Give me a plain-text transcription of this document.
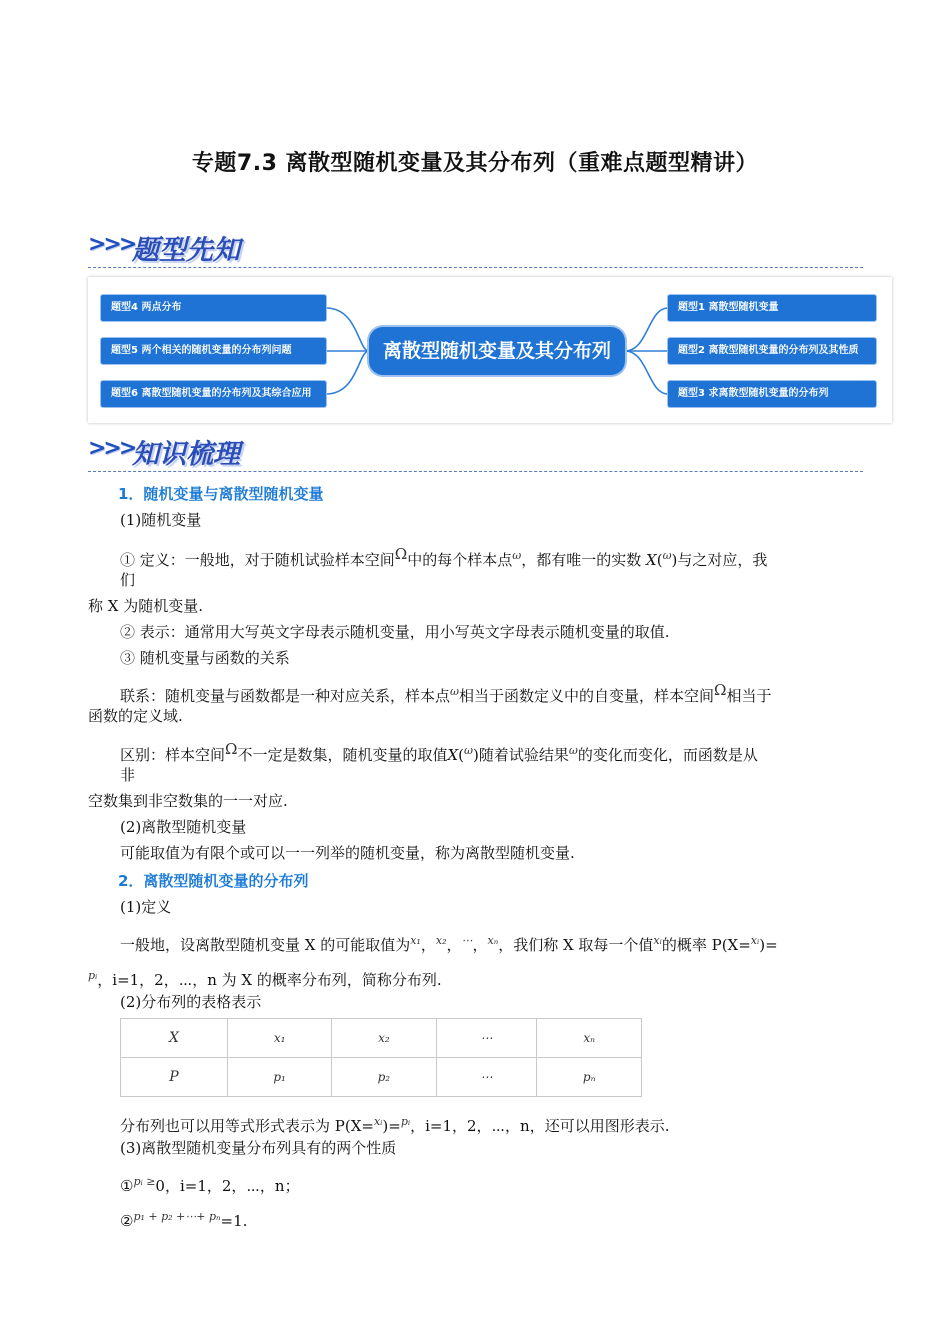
专题7.3 离散型随机变量及其分布列（重难点题型精讲）
>>>
题型先知
题型4 两点分布
题型5 两个相关的随机变量的分布列问题
题型6 离散型随机变量的分布列及其综合应用
离散型随机变量及其分布列
题型1 离散型随机变量
题型2 离散型随机变量的分布列及其性质
题型3 求离散型随机变量的分布列
>>>
知识梳理
1．随机变量与离散型随机变量
(1)随机变量
① 定义：一般地，对于随机试验样本空间Ω中的每个样本点$^\omega$，都有唯一的实数 X($^\omega$)与之对应，我
们
称 X 为随机变量.
② 表示：通常用大写英文字母表示随机变量，用小写英文字母表示随机变量的取值.
③ 随机变量与函数的关系
联系：随机变量与函数都是一种对应关系，样本点$^\omega$相当于函数定义中的自变量，样本空间Ω相当于
函数的定义域.
区别：样本空间Ω不一定是数集，随机变量的取值X($^\omega$)随着试验结果$^\omega$的变化而变化，而函数是从
非
空数集到非空数集的一一对应.
(2)离散型随机变量
可能取值为有限个或可以一一列举的随机变量，称为离散型随机变量.
2．离散型随机变量的分布列
(1)定义
一般地，设离散型随机变量 X 的可能取值为$^{x_1}$，$^{x_2}$，⋯，$^{x_n}$，我们称 X 取每一个值$^{xᵢ}$的概率 P(X=$^{xᵢ}$)=
$^{pᵢ}$，i=1，2，⋯，n 为 X 的概率分布列，简称分布列.
(2)分布列的表格表示
X	x₁	x₂	⋯	xₙ
P	p₁	p₂	⋯	pₙ
分布列也可以用等式形式表示为 P(X=$^{xᵢ}$)=$^{pᵢ}$，i=1，2，⋯，n，还可以用图形表示.
(3)离散型随机变量分布列具有的两个性质
①$^{pᵢ \ge}$0，i=1，2，⋯，n；
②$^{p_1 + p_2 +\cdots+ p_n}$=1.
